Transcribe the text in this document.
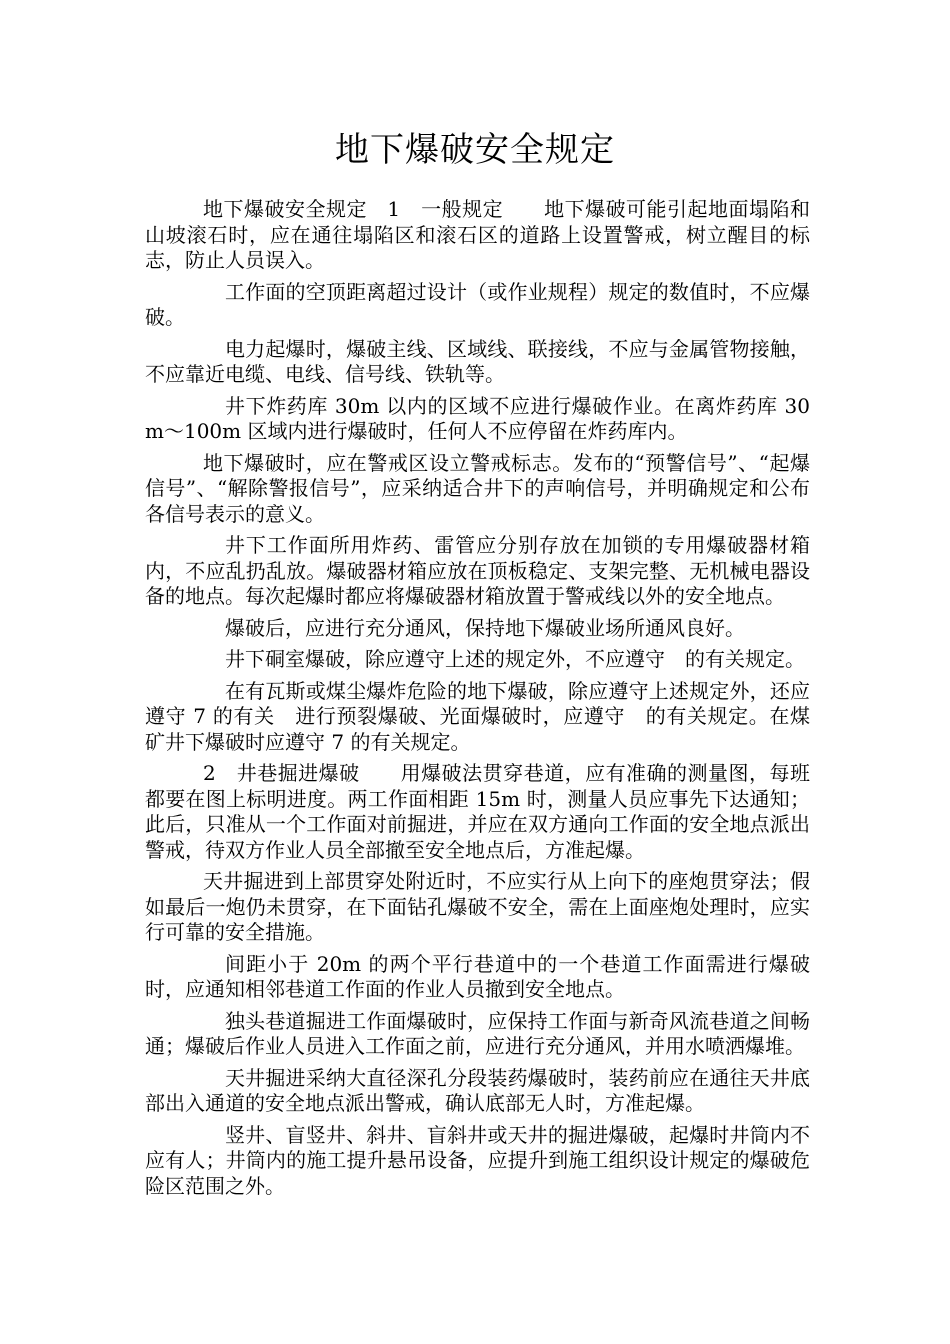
地下爆破安全规定

地下爆破安全规定　1　一般规定　　地下爆破可能引起地面塌陷和山坡滚石时，应在通往塌陷区和滚石区的道路上设置警戒，树立醒目的标志，防止人员误入。

工作面的空顶距离超过设计（或作业规程）规定的数值时，不应爆破。

电力起爆时，爆破主线、区域线、联接线，不应与金属管物接触，不应靠近电缆、电线、信号线、铁轨等。

井下炸药库 30m 以内的区域不应进行爆破作业。在离炸药库 30m～100m 区域内进行爆破时，任何人不应停留在炸药库内。

地下爆破时，应在警戒区设立警戒标志。发布的“预警信号”、“起爆信号”、“解除警报信号”，应采纳适合井下的声响信号，并明确规定和公布各信号表示的意义。

井下工作面所用炸药、雷管应分别存放在加锁的专用爆破器材箱内，不应乱扔乱放。爆破器材箱应放在顶板稳定、支架完整、无机械电器设备的地点。每次起爆时都应将爆破器材箱放置于警戒线以外的安全地点。

爆破后，应进行充分通风，保持地下爆破业场所通风良好。

井下硐室爆破，除应遵守上述的规定外，不应遵守　的有关规定。

在有瓦斯或煤尘爆炸危险的地下爆破，除应遵守上述规定外，还应遵守 7 的有关　进行预裂爆破、光面爆破时，应遵守　的有关规定。在煤矿井下爆破时应遵守 7 的有关规定。

2　井巷掘进爆破　　用爆破法贯穿巷道，应有准确的测量图，每班都要在图上标明进度。两工作面相距 15m 时，测量人员应事先下达通知；此后，只准从一个工作面对前掘进，并应在双方通向工作面的安全地点派出警戒，待双方作业人员全部撤至安全地点后，方准起爆。

天井掘进到上部贯穿处附近时，不应实行从上向下的座炮贯穿法；假如最后一炮仍未贯穿，在下面钻孔爆破不安全，需在上面座炮处理时，应实行可靠的安全措施。

间距小于 20m 的两个平行巷道中的一个巷道工作面需进行爆破时，应通知相邻巷道工作面的作业人员撤到安全地点。

独头巷道掘进工作面爆破时，应保持工作面与新奇风流巷道之间畅通；爆破后作业人员进入工作面之前，应进行充分通风，并用水喷洒爆堆。

天井掘进采纳大直径深孔分段装药爆破时，装药前应在通往天井底部出入通道的安全地点派出警戒，确认底部无人时，方准起爆。

竖井、盲竖井、斜井、盲斜井或天井的掘进爆破，起爆时井筒内不应有人；井筒内的施工提升悬吊设备，应提升到施工组织设计规定的爆破危险区范围之外。
